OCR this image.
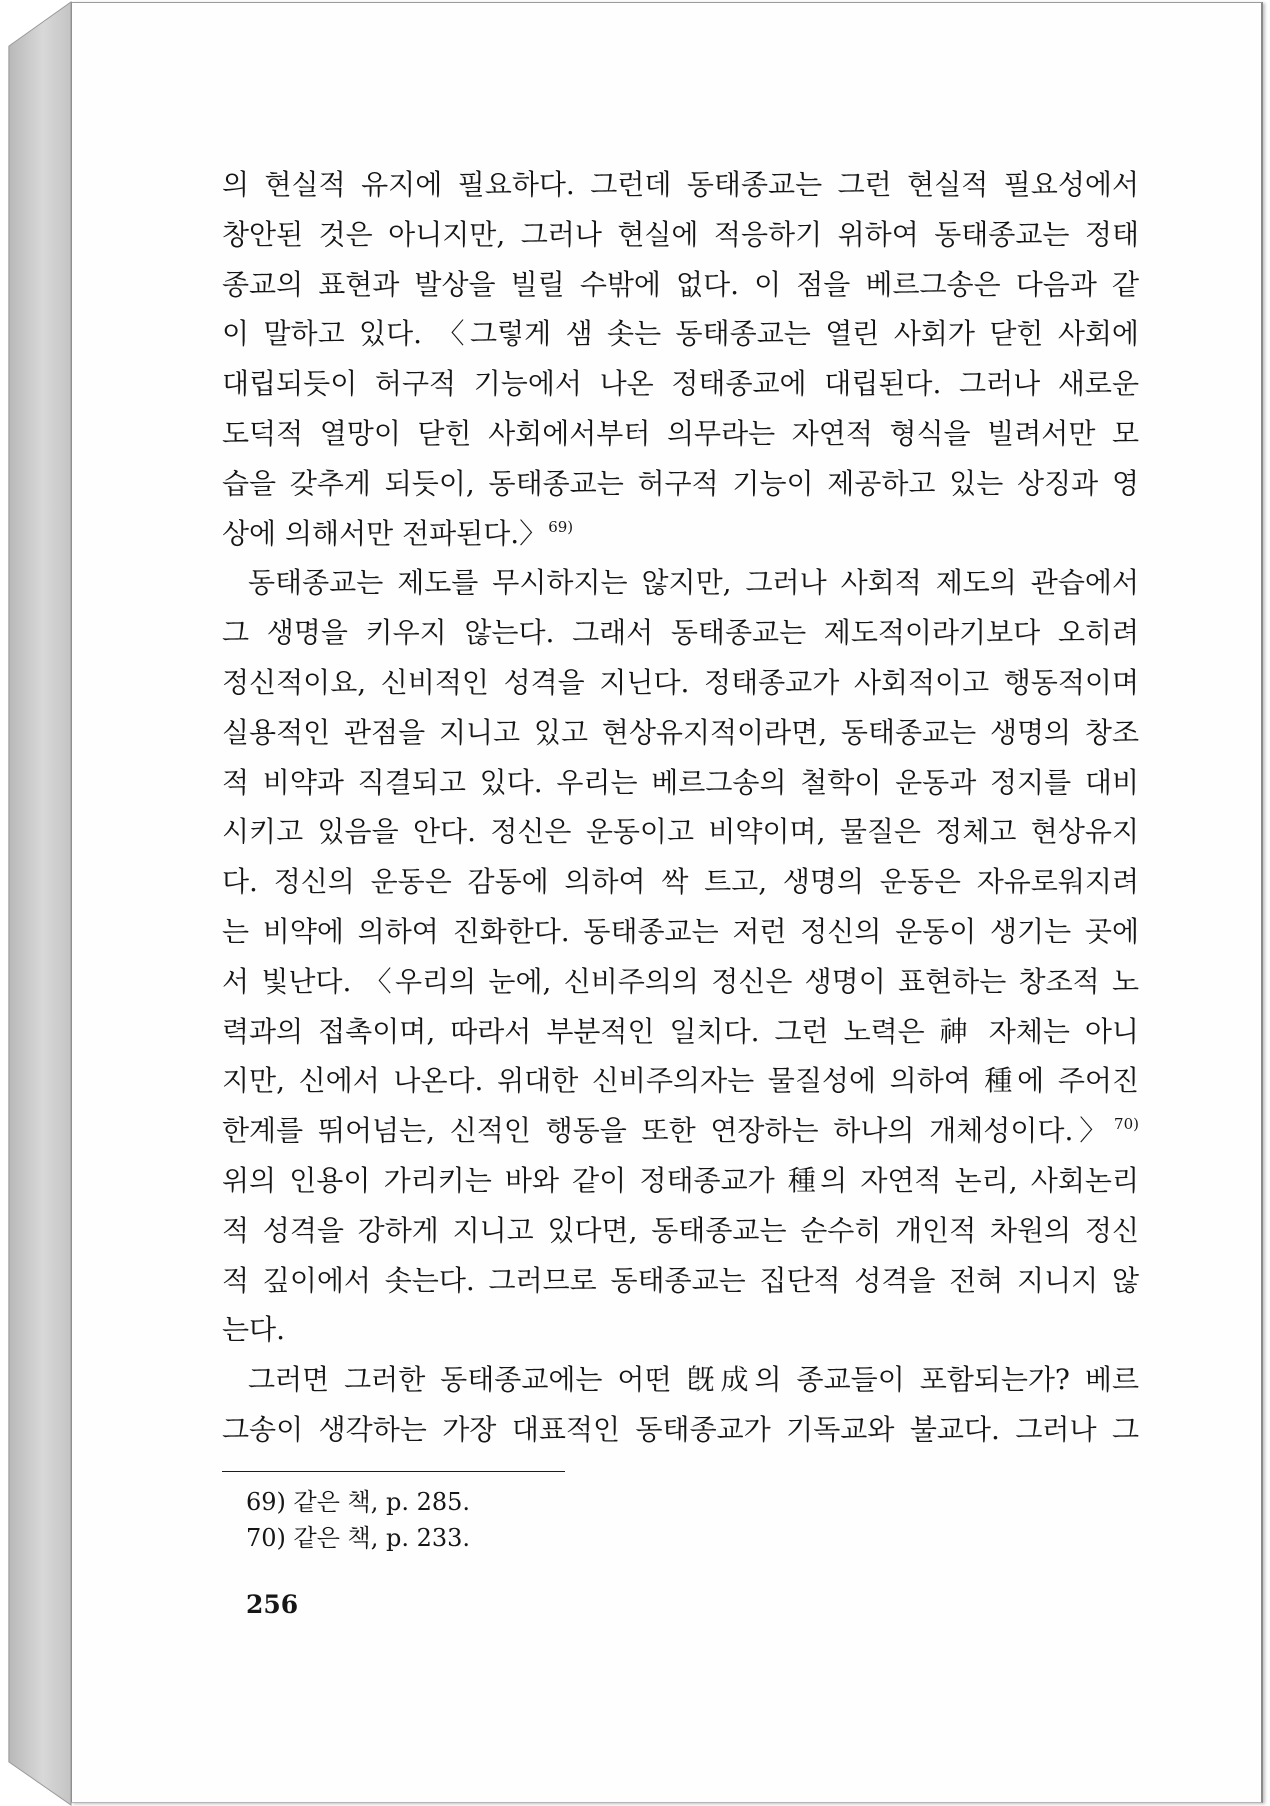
의 현실적 유지에 필요하다. 그런데 동태종교는 그런 현실적 필요성에서
창안된 것은 아니지만, 그러나 현실에 적응하기 위하여 동태종교는 정태
종교의 표현과 발상을 빌릴 수밖에 없다. 이 점을 베르그송은 다음과 같
이 말하고 있다. 〈그렇게 샘 솟는 동태종교는 열린 사회가 닫힌 사회에
대립되듯이 허구적 기능에서 나온 정태종교에 대립된다. 그러나 새로운
도덕적 열망이 닫힌 사회에서부터 의무라는 자연적 형식을 빌려서만 모
습을 갖추게 되듯이, 동태종교는 허구적 기능이 제공하고 있는 상징과 영
상에 의해서만 전파된다.〉$^{69)}$
동태종교는 제도를 무시하지는 않지만, 그러나 사회적 제도의 관습에서
그 생명을 키우지 않는다. 그래서 동태종교는 제도적이라기보다 오히려
정신적이요, 신비적인 성격을 지닌다. 정태종교가 사회적이고 행동적이며
실용적인 관점을 지니고 있고 현상유지적이라면, 동태종교는 생명의 창조
적 비약과 직결되고 있다. 우리는 베르그송의 철학이 운동과 정지를 대비
시키고 있음을 안다. 정신은 운동이고 비약이며, 물질은 정체고 현상유지
다. 정신의 운동은 감동에 의하여 싹 트고, 생명의 운동은 자유로워지려
는 비약에 의하여 진화한다. 동태종교는 저런 정신의 운동이 생기는 곳에
서 빛난다. 〈우리의 눈에, 신비주의의 정신은 생명이 표현하는 창조적 노
력과의 접촉이며, 따라서 부분적인 일치다. 그런 노력은 神 자체는 아니
지만, 신에서 나온다. 위대한 신비주의자는 물질성에 의하여 種에 주어진
한계를 뛰어넘는, 신적인 행동을 또한 연장하는 하나의 개체성이다.〉$^{70)}$
위의 인용이 가리키는 바와 같이 정태종교가 種의 자연적 논리, 사회논리
적 성격을 강하게 지니고 있다면, 동태종교는 순수히 개인적 차원의 정신
적 깊이에서 솟는다. 그러므로 동태종교는 집단적 성격을 전혀 지니지 않
는다.
그러면 그러한 동태종교에는 어떤 旣成의 종교들이 포함되는가? 베르
그송이 생각하는 가장 대표적인 동태종교가 기독교와 불교다. 그러나 그
69) 같은 책, p. 285.
70) 같은 책, p. 233.
256
